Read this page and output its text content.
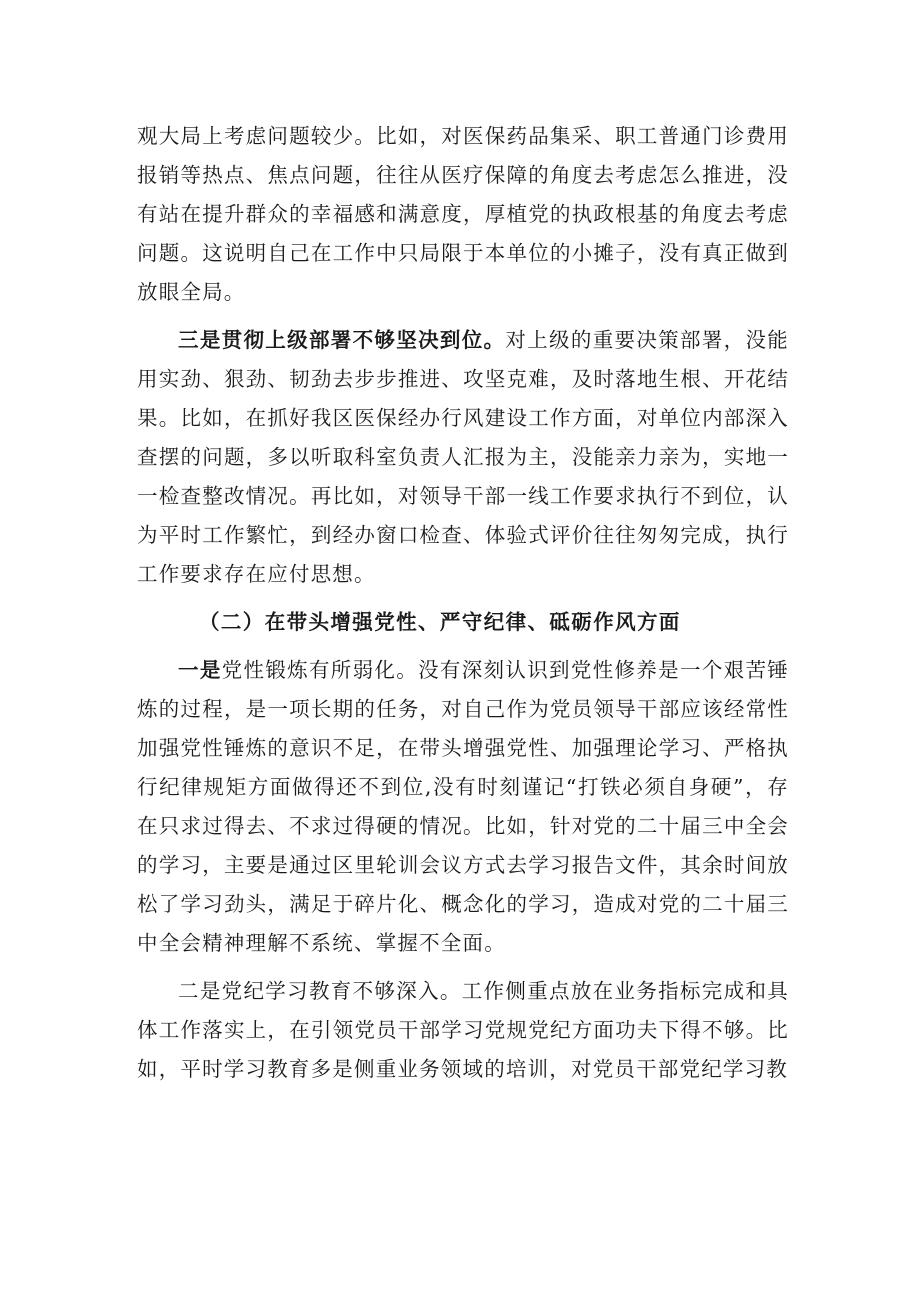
观大局上考虑问题较少。比如，对医保药品集采、职工普通门诊费用报销等热点、焦点问题，往往从医疗保障的角度去考虑怎么推进，没有站在提升群众的幸福感和满意度，厚植党的执政根基的角度去考虑问题。这说明自己在工作中只局限于本单位的小摊子，没有真正做到放眼全局。

三是贯彻上级部署不够坚决到位。对上级的重要决策部署，没能用实劲、狠劲、韧劲去步步推进、攻坚克难，及时落地生根、开花结果。比如，在抓好我区医保经办行风建设工作方面，对单位内部深入查摆的问题，多以听取科室负责人汇报为主，没能亲力亲为，实地一一检查整改情况。再比如，对领导干部一线工作要求执行不到位，认为平时工作繁忙，到经办窗口检查、体验式评价往往匆匆完成，执行工作要求存在应付思想。

（二）在带头增强党性、严守纪律、砥砺作风方面

一是党性锻炼有所弱化。没有深刻认识到党性修养是一个艰苦锤炼的过程，是一项长期的任务，对自己作为党员领导干部应该经常性加强党性锤炼的意识不足，在带头增强党性、加强理论学习、严格执行纪律规矩方面做得还不到位,没有时刻谨记“打铁必须自身硬”，存在只求过得去、不求过得硬的情况。比如，针对党的二十届三中全会的学习，主要是通过区里轮训会议方式去学习报告文件，其余时间放松了学习劲头，满足于碎片化、概念化的学习，造成对党的二十届三中全会精神理解不系统、掌握不全面。

二是党纪学习教育不够深入。工作侧重点放在业务指标完成和具体工作落实上，在引领党员干部学习党规党纪方面功夫下得不够。比如，平时学习教育多是侧重业务领域的培训，对党员干部党纪学习教
